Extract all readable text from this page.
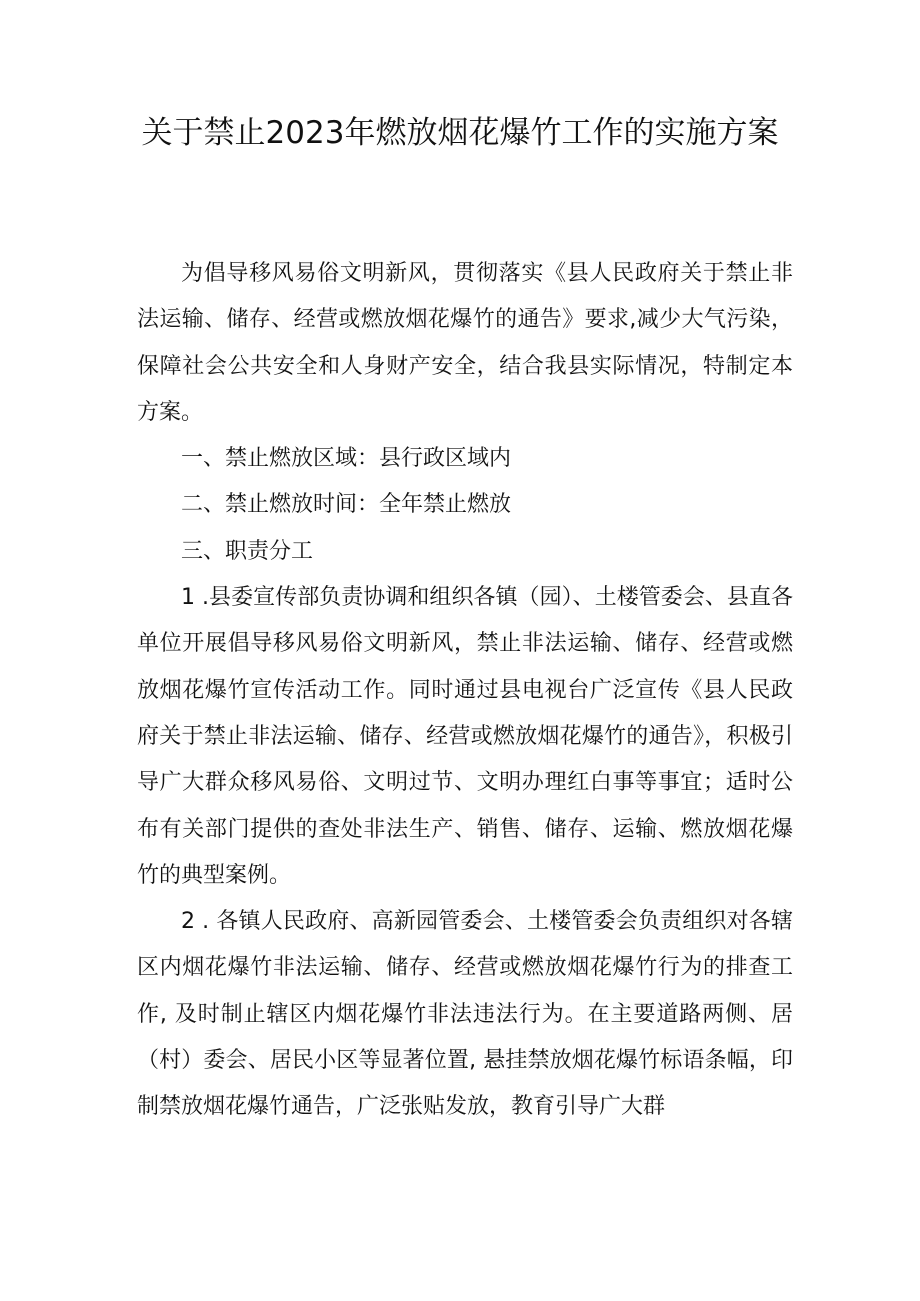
关于禁止2023年燃放烟花爆竹工作的实施方案

为倡导移风易俗文明新风，贯彻落实《县人民政府关于禁止非法运输、储存、经营或燃放烟花爆竹的通告》要求,减少大气污染，保障社会公共安全和人身财产安全，结合我县实际情况，特制定本方案。

一、禁止燃放区域：县行政区域内

二、禁止燃放时间：全年禁止燃放

三、职责分工

1 .县委宣传部负责协调和组织各镇（园）、土楼管委会、县直各单位开展倡导移风易俗文明新风，禁止非法运输、储存、经营或燃放烟花爆竹宣传活动工作。同时通过县电视台广泛宣传《县人民政府关于禁止非法运输、储存、经营或燃放烟花爆竹的通告》，积极引导广大群众移风易俗、文明过节、文明办理红白事等事宜；适时公布有关部门提供的查处非法生产、销售、储存、运输、燃放烟花爆竹的典型案例。

2 . 各镇人民政府、高新园管委会、土楼管委会负责组织对各辖区内烟花爆竹非法运输、储存、经营或燃放烟花爆竹行为的排查工作, 及时制止辖区内烟花爆竹非法违法行为。在主要道路两侧、居（村）委会、居民小区等显著位置, 悬挂禁放烟花爆竹标语条幅，印制禁放烟花爆竹通告，广泛张贴发放，教育引导广大群
